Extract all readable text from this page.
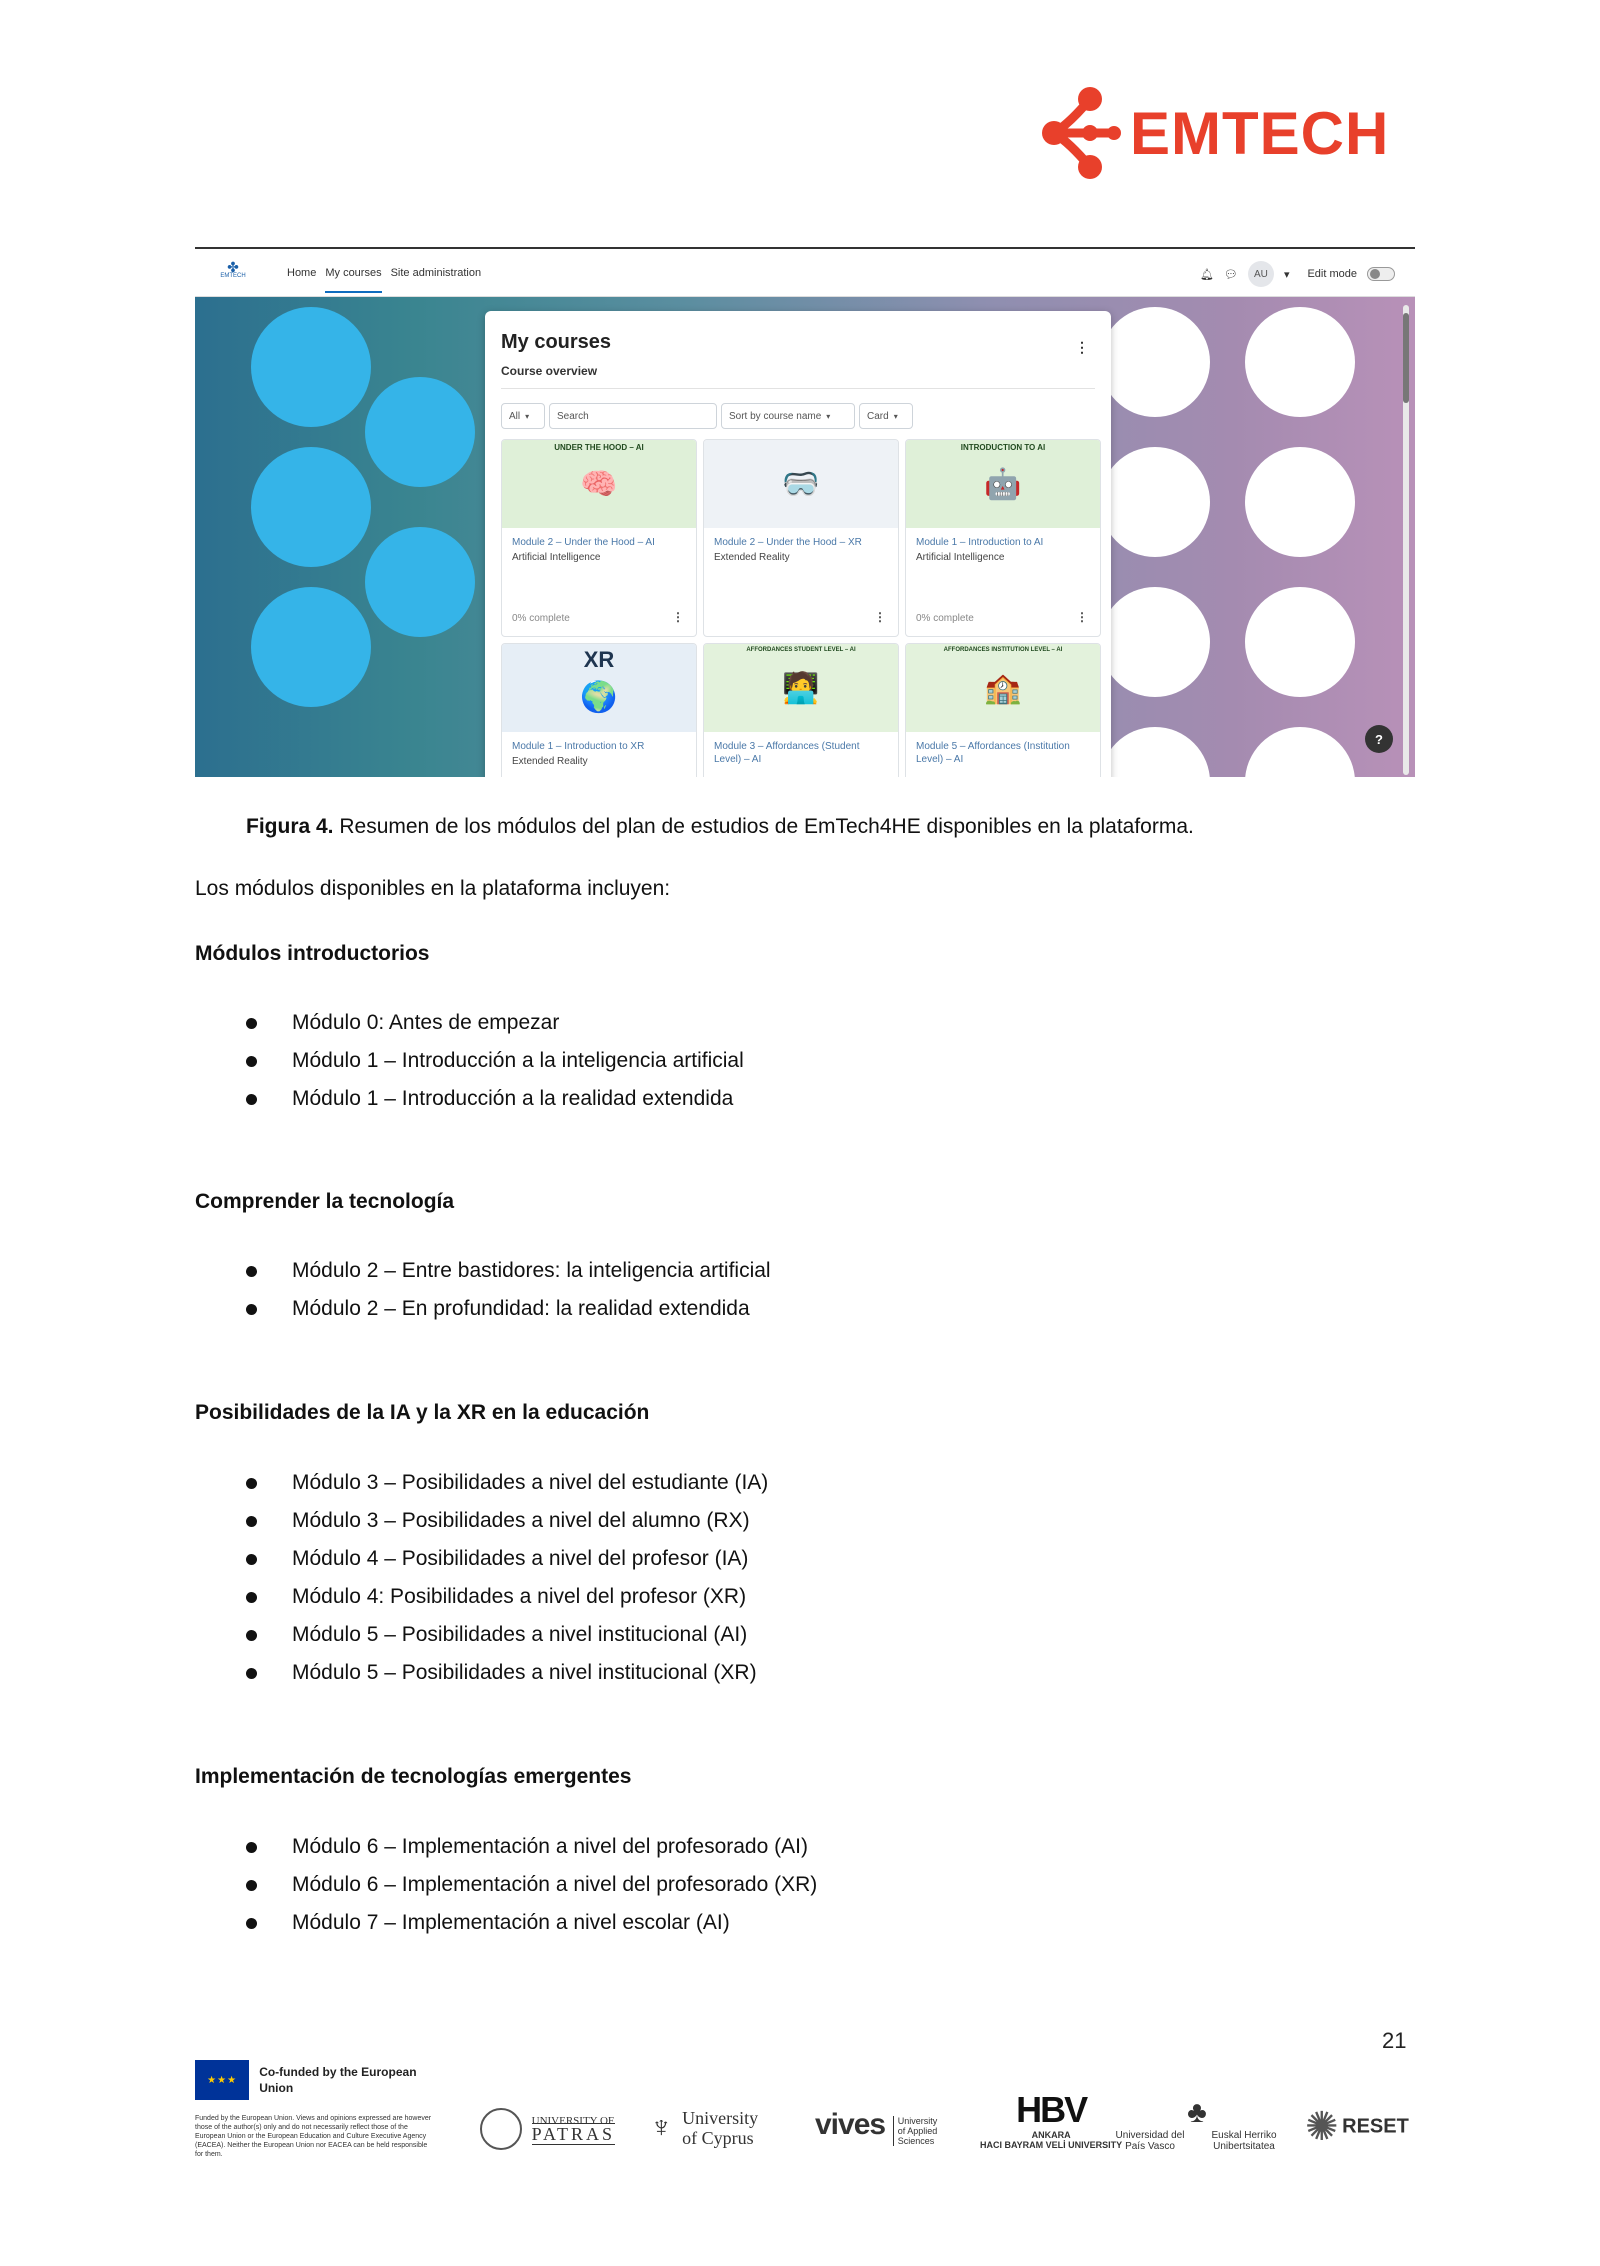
EMTECH
✤
EMTECH	Home My courses Site administration	🔔︎ 💬︎	AU	▾ Edit mode
My courses	⋮
Course overview
All ▾	Search	Sort by course name ▾	Card ▾
UNDER THE HOOD – AI
🧠
Module 2 – Under the Hood – AI
Artificial Intelligence
0% complete	⋮
🥽
Module 2 – Under the Hood – XR
Extended Reality
⋮
INTRODUCTION TO AI
🤖
Module 1 – Introduction to AI
Artificial Intelligence
0% complete	⋮
XR
🌍
Module 1 – Introduction to XR
Extended Reality
AFFORDANCES STUDENT LEVEL – AI
🧑‍💻
Module 3 – Affordances (Student Level) – AI
AFFORDANCES INSTITUTION LEVEL – AI
🏫
Module 5 – Affordances (Institution Level) – AI
?
Figura 4. Resumen de los módulos del plan de estudios de EmTech4HE disponibles en la plataforma.
Los módulos disponibles en la plataforma incluyen:
Módulos introductorios
Módulo 0: Antes de empezar
Módulo 1 – Introducción a la inteligencia artificial
Módulo 1 – Introducción a la realidad extendida
Comprender la tecnología
Módulo 2 – Entre bastidores: la inteligencia artificial
Módulo 2 – En profundidad: la realidad extendida
Posibilidades de la IA y la XR en la educación
Módulo 3 – Posibilidades a nivel del estudiante (IA)
Módulo 3 – Posibilidades a nivel del alumno (RX)
Módulo 4 – Posibilidades a nivel del profesor (IA)
Módulo 4: Posibilidades a nivel del profesor (XR)
Módulo 5 – Posibilidades a nivel institucional (AI)
Módulo 5 – Posibilidades a nivel institucional (XR)
Implementación de tecnologías emergentes
Módulo 6 – Implementación a nivel del profesorado (AI)
Módulo 6 – Implementación a nivel del profesorado (XR)
Módulo 7 – Implementación a nivel escolar (AI)
21
★★★
Co-funded by the European Union
Funded by the European Union. Views and opinions expressed are however those of the author(s) only and do not necessarily reflect those of the European Union or the European Education and Culture Executive Agency (EACEA). Neither the European Union nor EACEA can be held responsible for them.
UNIVERSITY OF
PATRAS ♆ University
of Cyprus vives University of Applied Sciences
HBV
ANKARA
HACI BAYRAM VELİ UNIVERSITY
♣
Universidad del País Vasco
Euskal Herriko Unibertsitatea ✺ RESET
